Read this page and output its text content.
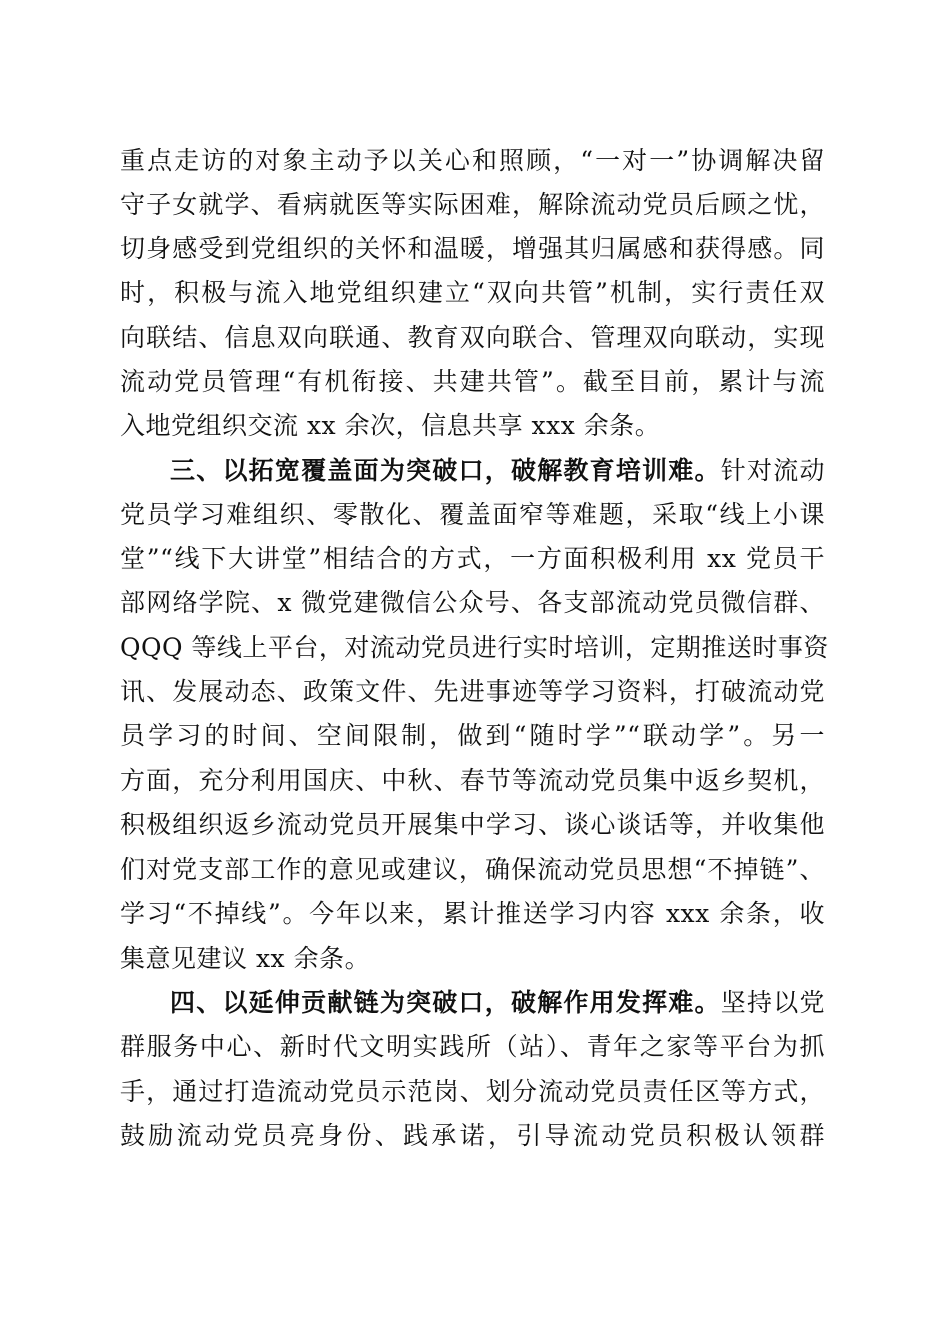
重点走访的对象主动予以关心和照顾，“一对一”协调解决留
守子女就学、看病就医等实际困难，解除流动党员后顾之忧，
切身感受到党组织的关怀和温暖，增强其归属感和获得感。同
时，积极与流入地党组织建立“双向共管”机制，实行责任双
向联结、信息双向联通、教育双向联合、管理双向联动，实现
流动党员管理“有机衔接、共建共管”。截至目前，累计与流
入地党组织交流 xx 余次，信息共享 xxx 余条。
三、以拓宽覆盖面为突破口，破解教育培训难。针对流动
党员学习难组织、零散化、覆盖面窄等难题，采取“线上小课
堂”“线下大讲堂”相结合的方式，一方面积极利用 xx 党员干
部网络学院、x 微党建微信公众号、各支部流动党员微信群、
QQQ 等线上平台，对流动党员进行实时培训，定期推送时事资
讯、发展动态、政策文件、先进事迹等学习资料，打破流动党
员学习的时间、空间限制，做到“随时学”“联动学”。另一
方面，充分利用国庆、中秋、春节等流动党员集中返乡契机，
积极组织返乡流动党员开展集中学习、谈心谈话等，并收集他
们对党支部工作的意见或建议，确保流动党员思想“不掉链”、
学习“不掉线”。今年以来，累计推送学习内容 xxx 余条，收
集意见建议 xx 余条。
四、以延伸贡献链为突破口，破解作用发挥难。坚持以党
群服务中心、新时代文明实践所（站）、青年之家等平台为抓
手，通过打造流动党员示范岗、划分流动党员责任区等方式，
鼓励流动党员亮身份、践承诺，引导流动党员积极认领群
